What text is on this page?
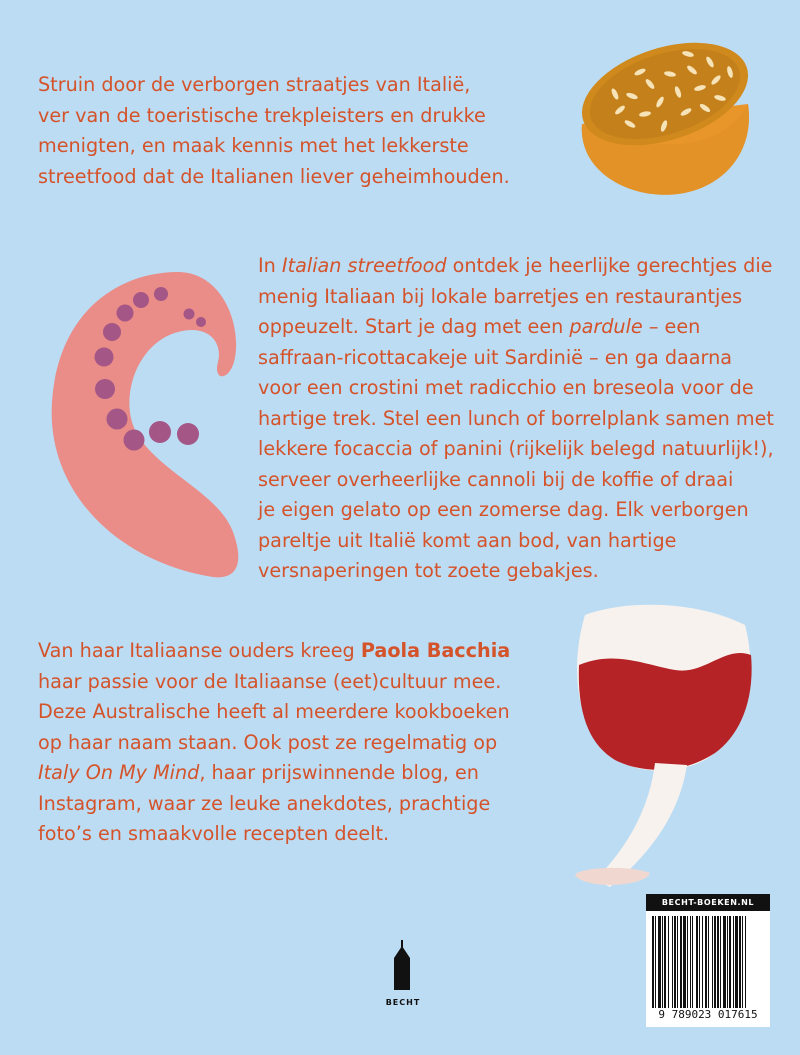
Struin door de verborgen straatjes van Italië,
ver van de toeristische trekpleisters en drukke
menigten, en maak kennis met het lekkerste
streetfood dat de Italianen liever geheimhouden.

In Italian streetfood ontdek je heerlijke gerechtjes die
menig Italiaan bij lokale barretjes en restaurantjes
oppeuzelt. Start je dag met een pardule – een
saffraan-ricottacakeje uit Sardinië – en ga daarna
voor een crostini met radicchio en breseola voor de
hartige trek. Stel een lunch of borrelplank samen met
lekkere focaccia of panini (rijkelijk belegd natuurlijk!),
serveer overheerlijke cannoli bij de koffie of draai
je eigen gelato op een zomerse dag. Elk verborgen
pareltje uit Italië komt aan bod, van hartige
versnaperingen tot zoete gebakjes.

Van haar Italiaanse ouders kreeg Paola Bacchia
haar passie voor de Italiaanse (eet)cultuur mee.
Deze Australische heeft al meerdere kookboeken
op haar naam staan. Ook post ze regelmatig op
Italy On My Mind, haar prijswinnende blog, en
Instagram, waar ze leuke anekdotes, prachtige
foto’s en smaakvolle recepten deelt.

BECHT
BECHT-BOEKEN.NL
9 789023 017615
